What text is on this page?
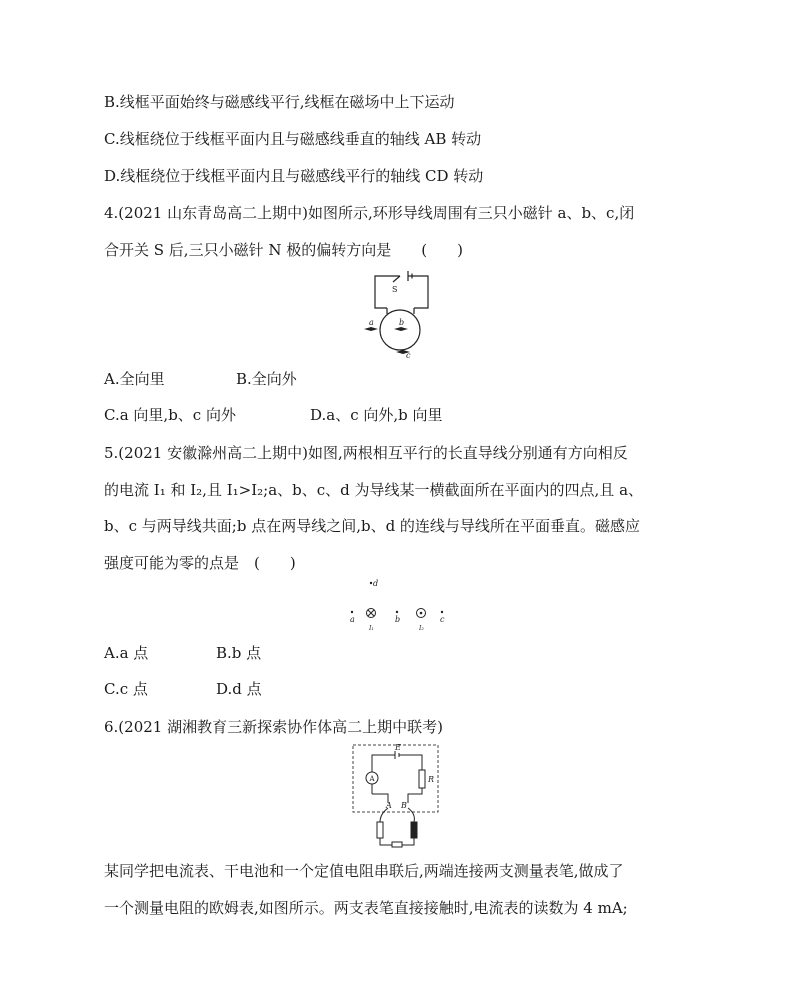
B.线框平面始终与磁感线平行,线框在磁场中上下运动
C.线框绕位于线框平面内且与磁感线垂直的轴线 AB 转动
D.线框绕位于线框平面内且与磁感线平行的轴线 CD 转动
4.(2021 山东青岛高二上期中)如图所示,环形导线周围有三只小磁针 a、b、c,闭
合开关 S 后,三只小磁针 N 极的偏转方向是　　(　　)
S
a	b
c
A.全向里	B.全向外
C.a 向里,b、c 向外	D.a、c 向外,b 向里
5.(2021 安徽滁州高二上期中)如图,两根相互平行的长直导线分别通有方向相反
的电流 I₁ 和 I₂,且 I₁>I₂;a、b、c、d 为导线某一横截面所在平面内的四点,且 a、
b、c 与两导线共面;b 点在两导线之间,b、d 的连线与导线所在平面垂直。磁感应
强度可能为零的点是　(　　)
d
a
I₁
b
I₂
c
A.a 点	B.b 点
C.c 点	D.d 点
6.(2021 湖湘教育三新探索协作体高二上期中联考)
A
E
R
A B
某同学把电流表、干电池和一个定值电阻串联后,两端连接两支测量表笔,做成了
一个测量电阻的欧姆表,如图所示。两支表笔直接接触时,电流表的读数为 4 mA;
